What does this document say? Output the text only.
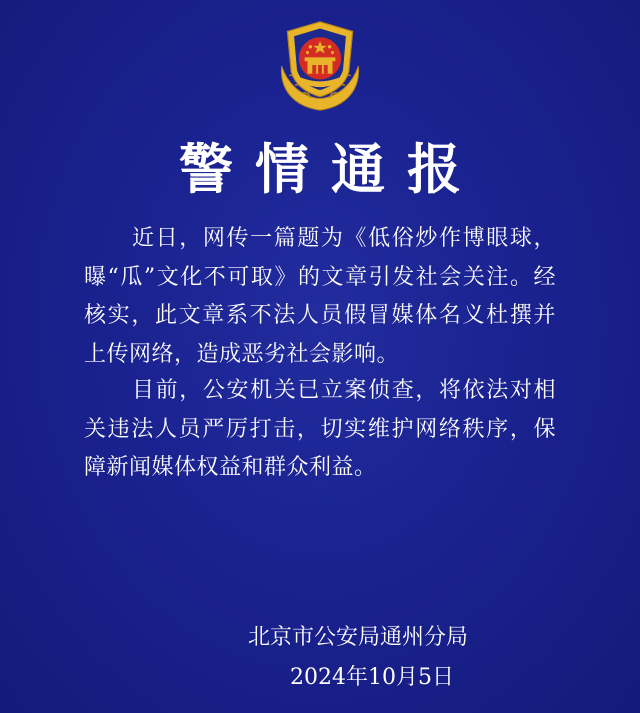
警情通报
近日，网传一篇题为《低俗炒作博眼球，曝“瓜”文化不可取》的文章引发社会关注。经核实，此文章系不法人员假冒媒体名义杜撰并上传网络，造成恶劣社会影响。
目前，公安机关已立案侦查，将依法对相关违法人员严厉打击，切实维护网络秩序，保障新闻媒体权益和群众利益。
北京市公安局通州分局
2024年10月5日
